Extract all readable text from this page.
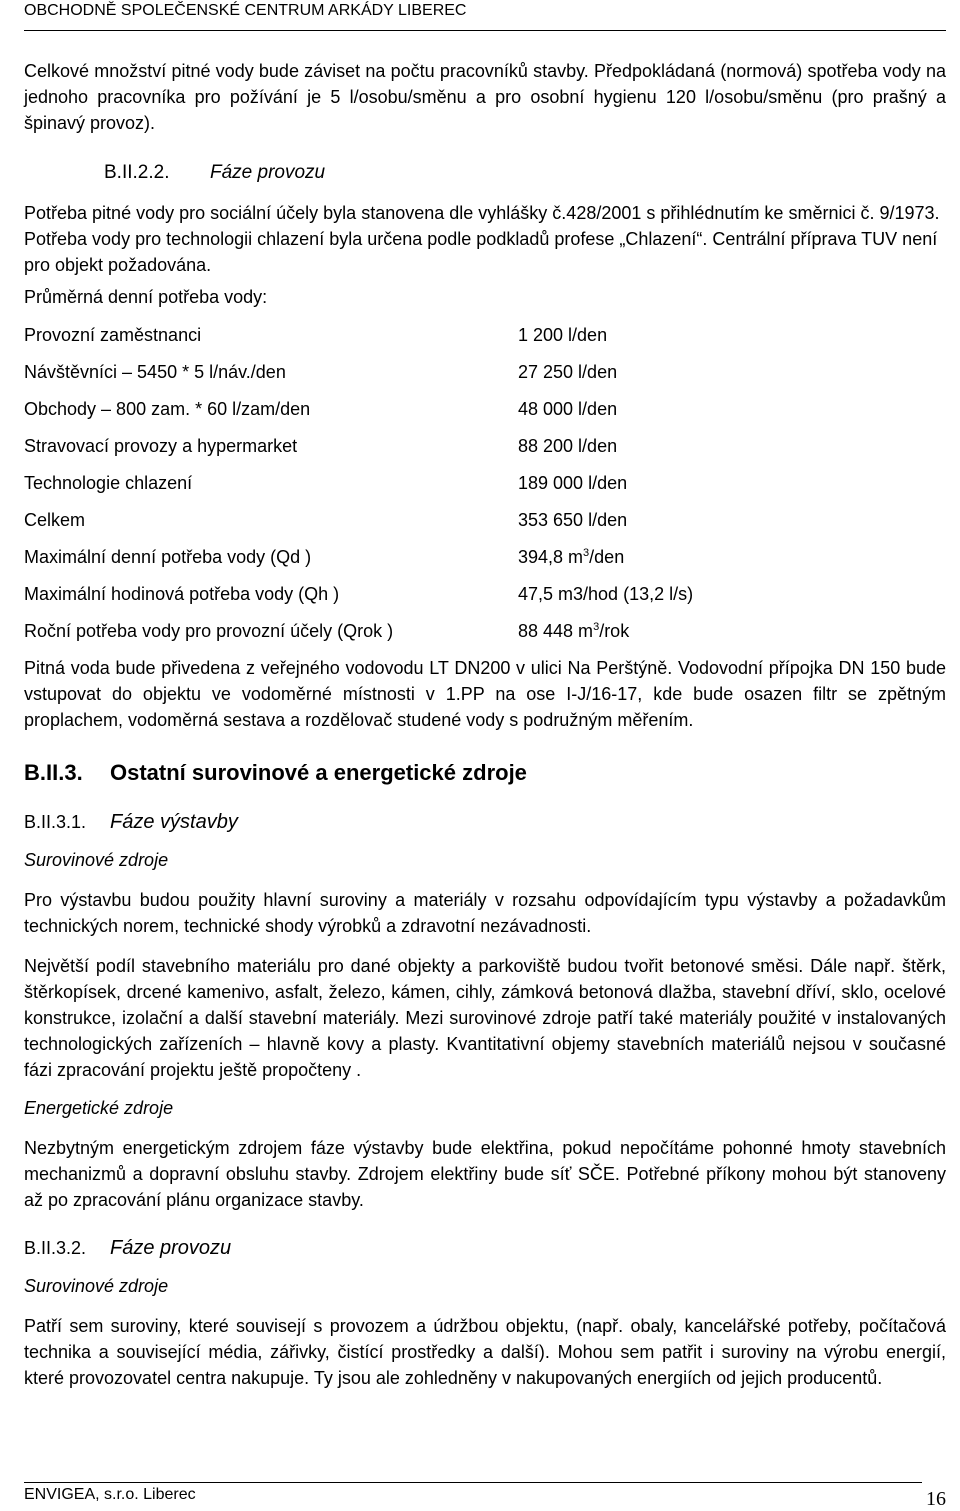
OBCHODNĚ SPOLEČENSKÉ CENTRUM ARKÁDY LIBEREC

Celkové množství pitné vody bude záviset na počtu pracovníků stavby. Předpokládaná (normová) spotřeba vody na jednoho pracovníka pro požívání je 5 l/osobu/směnu a pro osobní hygienu 120 l/osobu/směnu (pro prašný a špinavý provoz).

B.II.2.2. Fáze provozu

Potřeba pitné vody pro sociální účely byla stanovena dle vyhlášky č.428/2001 s přihlédnutím ke směrnici č. 9/1973. Potřeba vody pro technologii chlazení byla určena podle podkladů profese „Chlazení“. Centrální příprava TUV není pro objekt požadována.

Průměrná denní potřeba vody:

Provozní zaměstnanci	1 200 l/den
Návštěvníci – 5450 * 5 l/náv./den	27 250 l/den
Obchody – 800 zam. * 60 l/zam/den	48 000 l/den
Stravovací provozy a hypermarket	88 200 l/den
Technologie chlazení	189 000 l/den
Celkem	353 650 l/den
Maximální denní potřeba vody (Qd )	394,8 $m^3$/den
Maximální hodinová potřeba vody (Qh )	47,5 m3/hod (13,2 l/s)
Roční potřeba vody pro provozní účely (Qrok )	88 448 $m^3$/rok

Pitná voda bude přivedena z veřejného vodovodu LT DN200 v ulici Na Perštýně. Vodovodní přípojka DN 150 bude vstupovat do objektu ve vodoměrné místnosti v 1.PP na ose I-J/16-17, kde bude osazen filtr se zpětným proplachem, vodoměrná sestava a rozdělovač studené vody s podružným měřením.

B.II.3.	Ostatní surovinové a energetické zdroje
B.II.3.1.	Fáze výstavby

Surovinové zdroje

Pro výstavbu budou použity hlavní suroviny a materiály v rozsahu odpovídajícím typu výstavby a požadavkům technických norem, technické shody výrobků a zdravotní nezávadnosti.

Největší podíl stavebního materiálu pro dané objekty a parkoviště budou tvořit betonové směsi. Dále např. štěrk, štěrkopísek, drcené kamenivo, asfalt, železo, kámen, cihly, zámková betonová dlažba, stavební dříví, sklo, ocelové konstrukce, izolační a další stavební materiály. Mezi surovinové zdroje patří také materiály použité v instalovaných technologických zařízeních – hlavně kovy a plasty. Kvantitativní objemy stavebních materiálů nejsou v současné fázi zpracování projektu ještě propočteny .

Energetické zdroje

Nezbytným energetickým zdrojem fáze výstavby bude elektřina, pokud nepočítáme pohonné hmoty stavebních mechanizmů a dopravní obsluhu stavby. Zdrojem elektřiny bude síť SČE. Potřebné příkony mohou být stanoveny až po zpracování plánu organizace stavby.

B.II.3.2.	Fáze provozu

Surovinové zdroje

Patří sem suroviny, které souvisejí s provozem a údržbou objektu, (např. obaly, kancelářské potřeby, počítačová technika a související média, zářivky, čistící prostředky a další). Mohou sem patřit i suroviny na výrobu energií, které provozovatel centra nakupuje. Ty jsou ale zohledněny v nakupovaných energiích od jejich producentů.

ENVIGEA, s.r.o. Liberec	16
